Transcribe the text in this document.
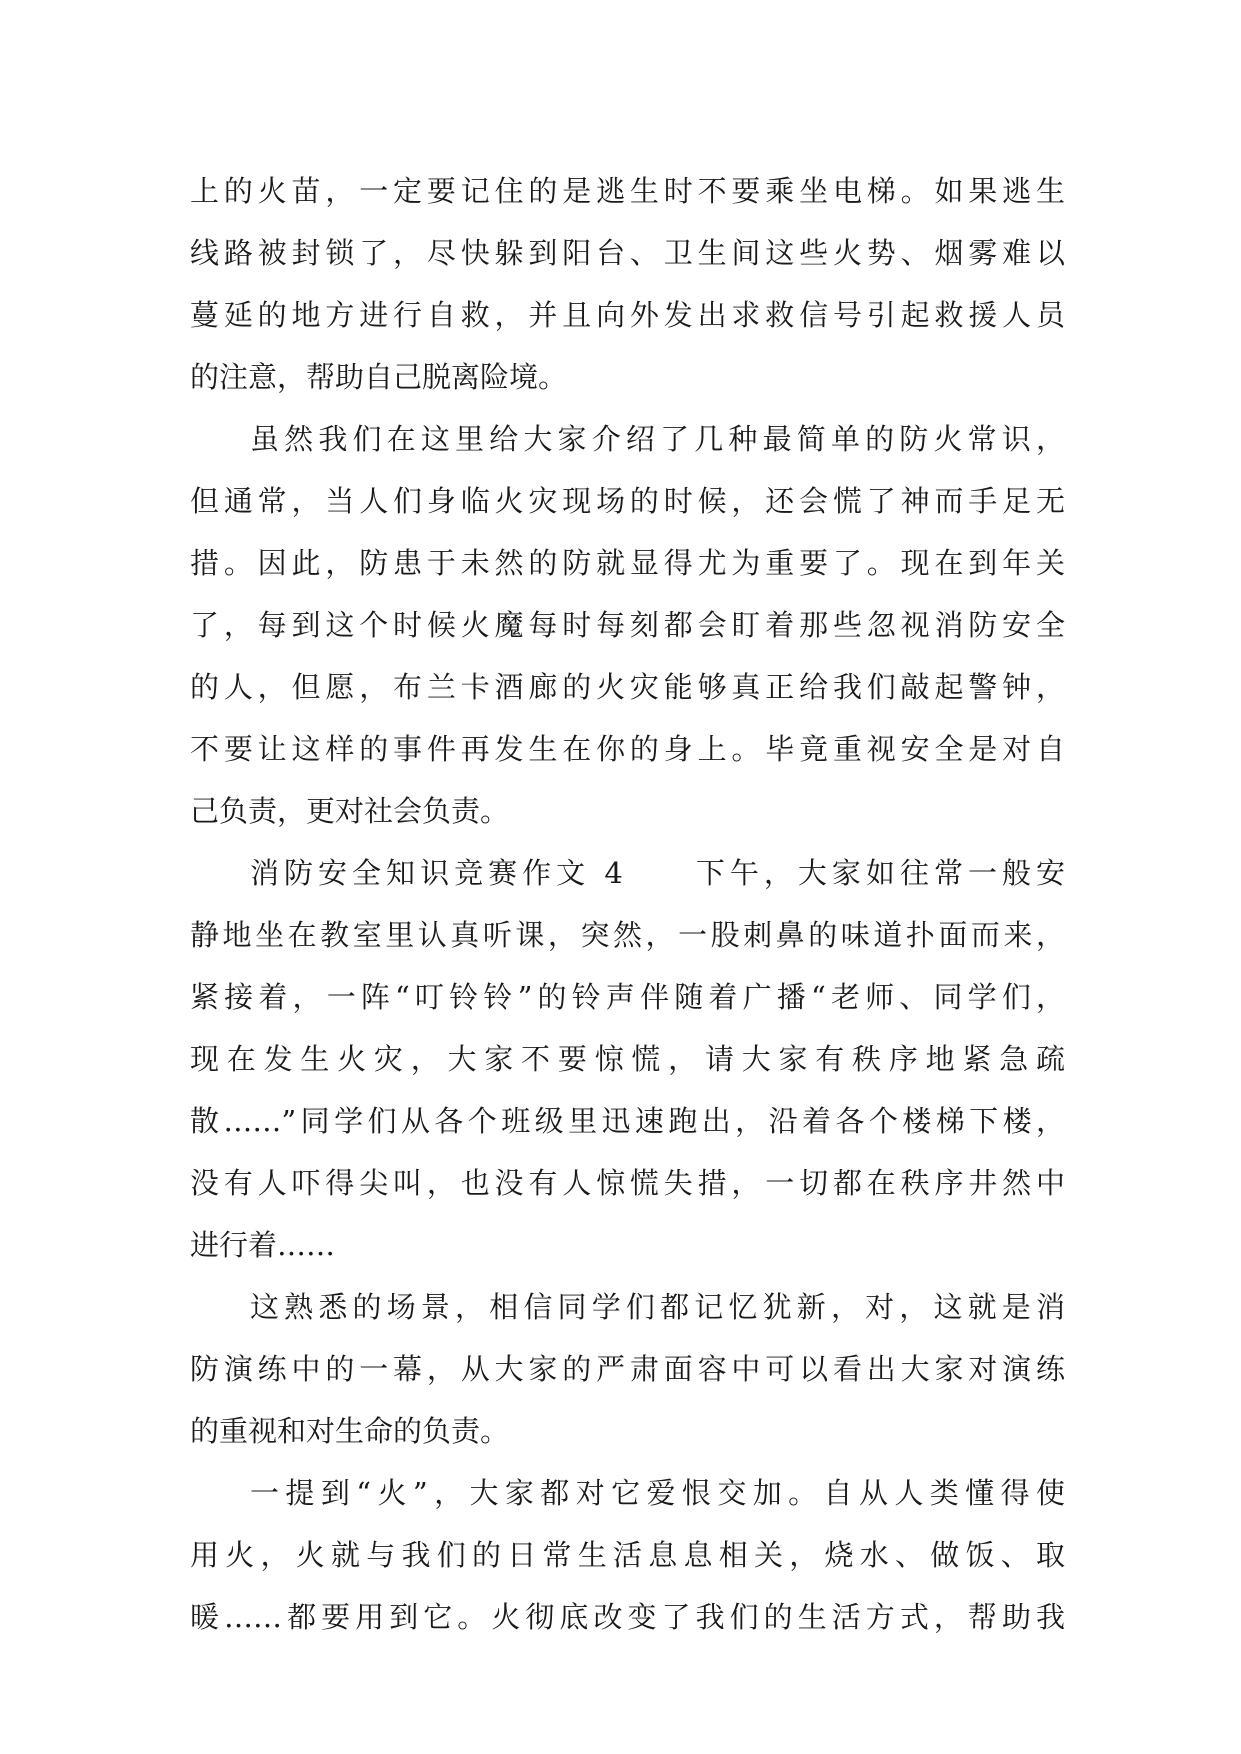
上的火苗，一定要记住的是逃生时不要乘坐电梯。如果逃生
线路被封锁了，尽快躲到阳台、卫生间这些火势、烟雾难以
蔓延的地方进行自救，并且向外发出求救信号引起救援人员
的注意，帮助自己脱离险境。
虽然我们在这里给大家介绍了几种最简单的防火常识，
但通常，当人们身临火灾现场的时候，还会慌了神而手足无
措。因此，防患于未然的防就显得尤为重要了。现在到年关
了，每到这个时候火魔每时每刻都会盯着那些忽视消防安全
的人，但愿，布兰卡酒廊的火灾能够真正给我们敲起警钟，
不要让这样的事件再发生在你的身上。毕竟重视安全是对自
己负责，更对社会负责。
消防安全知识竞赛作文 4　　下午，大家如往常一般安
静地坐在教室里认真听课，突然，一股刺鼻的味道扑面而来，
紧接着，一阵“叮铃铃”的铃声伴随着广播“老师、同学们，
现在发生火灾，大家不要惊慌，请大家有秩序地紧急疏
散……”同学们从各个班级里迅速跑出，沿着各个楼梯下楼，
没有人吓得尖叫，也没有人惊慌失措，一切都在秩序井然中
进行着……
这熟悉的场景，相信同学们都记忆犹新，对，这就是消
防演练中的一幕，从大家的严肃面容中可以看出大家对演练
的重视和对生命的负责。
一提到“火”，大家都对它爱恨交加。自从人类懂得使
用火，火就与我们的日常生活息息相关，烧水、做饭、取
暖……都要用到它。火彻底改变了我们的生活方式，帮助我
